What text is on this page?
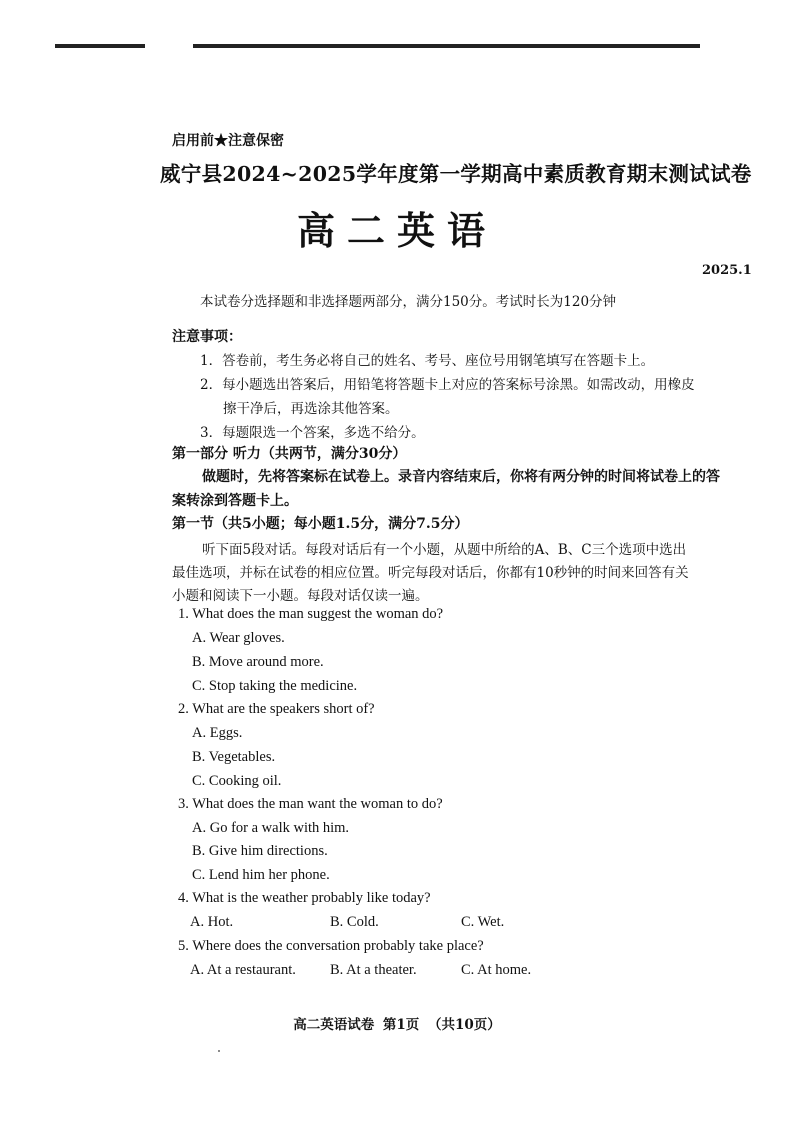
启用前★注意保密
威宁县2024~2025学年度第一学期高中素质教育期末测试试卷
高二英语
2025.1
本试卷分选择题和非选择题两部分，满分150分。考试时长为120分钟
注意事项：
1．答卷前，考生务必将自己的姓名、考号、座位号用钢笔填写在答题卡上。
2．每小题选出答案后，用铅笔将答题卡上对应的答案标号涂黑。如需改动，用橡皮
擦干净后，再选涂其他答案。
3．每题限选一个答案，多选不给分。
第一部分 听力（共两节，满分30分）
做题时，先将答案标在试卷上。录音内容结束后，你将有两分钟的时间将试卷上的答
案转涂到答题卡上。
第一节（共5小题；每小题1.5分，满分7.5分）
听下面5段对话。每段对话后有一个小题，从题中所给的A、B、C三个选项中选出
最佳选项，并标在试卷的相应位置。听完每段对话后，你都有10秒钟的时间来回答有关
小题和阅读下一小题。每段对话仅读一遍。
1. What does the man suggest the woman do?
A. Wear gloves.
B. Move around more.
C. Stop taking the medicine.
2. What are the speakers short of?
A. Eggs.
B. Vegetables.
C. Cooking oil.
3. What does the man want the woman to do?
A. Go for a walk with him.
B. Give him directions.
C. Lend him her phone.
4. What is the weather probably like today?
A. Hot.	B. Cold.	C. Wet.
5. Where does the conversation probably take place?
A. At a restaurant. B. At a theater.	C. At home.
高二英语试卷 第1页 （共10页）
